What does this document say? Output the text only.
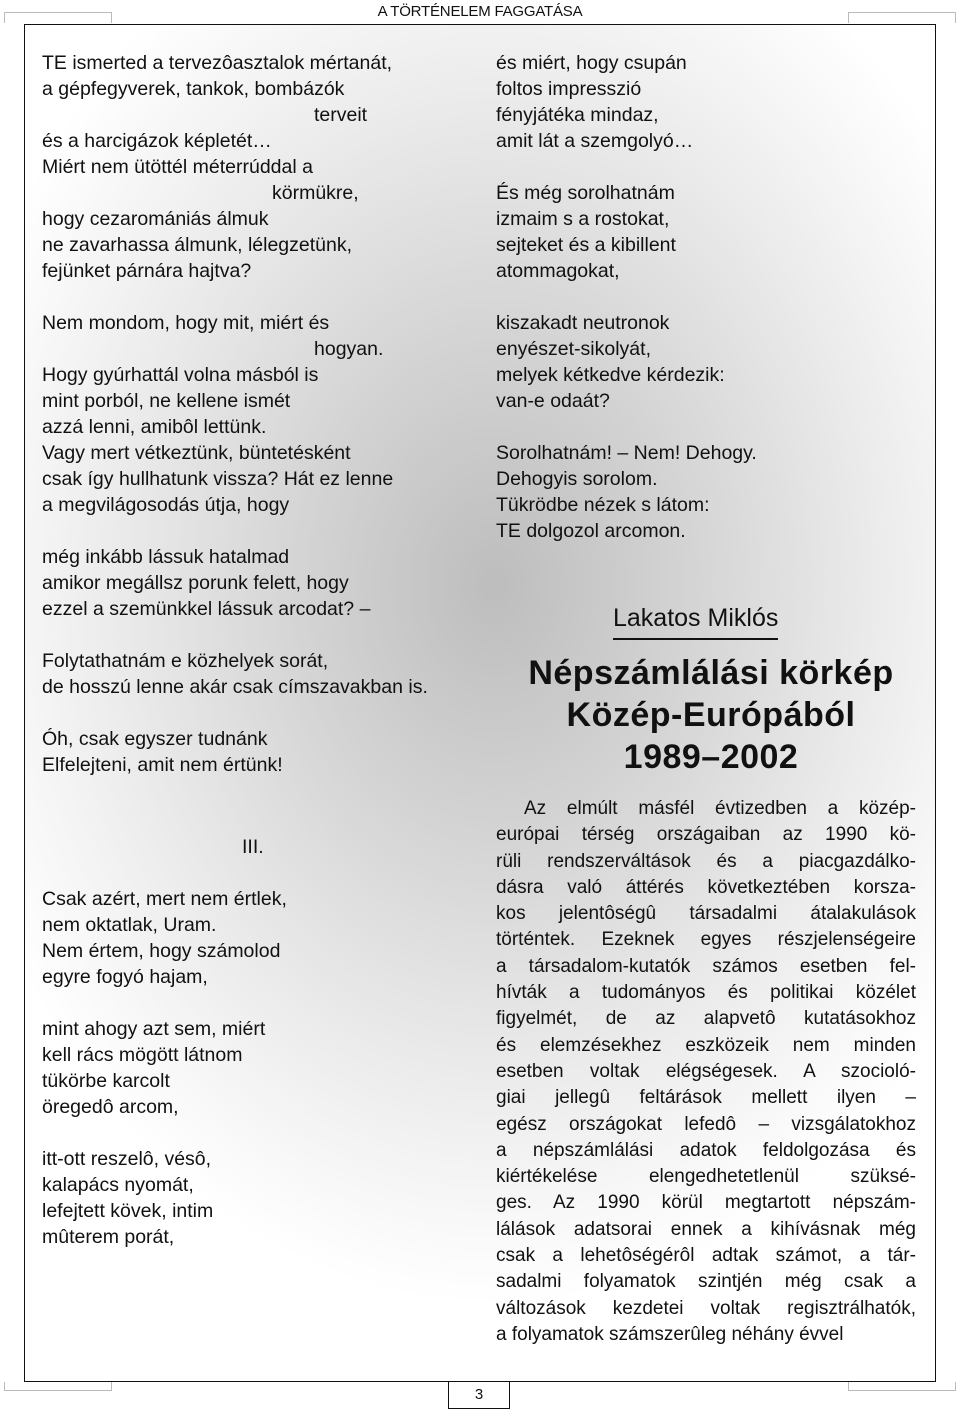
A TÖRTÉNELEM FAGGATÁSA
TE ismerted a tervezôasztalok mértanát,
a gépfegyverek, tankok, bombázók
terveit
és a harcigázok képletét…
Miért nem ütöttél méterrúddal a
körmükre,
hogy cezaromániás álmuk
ne zavarhassa álmunk, lélegzetünk,
fejünket párnára hajtva?
Nem mondom, hogy mit, miért és
hogyan.
Hogy gyúrhattál volna másból is
mint porból, ne kellene ismét
azzá lenni, amibôl lettünk.
Vagy mert vétkeztünk, büntetésként
csak így hullhatunk vissza? Hát ez lenne
a megvilágosodás útja, hogy
még inkább lássuk hatalmad
amikor megállsz porunk felett, hogy
ezzel a szemünkkel lássuk arcodat? –
Folytathatnám e közhelyek sorát,
de hosszú lenne akár csak címszavakban is.
Óh, csak egyszer tudnánk
Elfelejteni, amit nem értünk!
III.
Csak azért, mert nem értlek,
nem oktatlak, Uram.
Nem értem, hogy számolod
egyre fogyó hajam,
mint ahogy azt sem, miért
kell rács mögött látnom
tükörbe karcolt
öregedô arcom,
itt-ott reszelô, vésô,
kalapács nyomát,
lefejtett kövek, intim
mûterem porát,
és miért, hogy csupán
foltos impresszió
fényjátéka mindaz,
amit lát a szemgolyó…
És még sorolhatnám
izmaim s a rostokat,
sejteket és a kibillent
atommagokat,
kiszakadt neutronok
enyészet-sikolyát,
melyek kétkedve kérdezik:
van-e odaát?
Sorolhatnám! – Nem! Dehogy.
Dehogyis sorolom.
Tükrödbe nézek s látom:
TE dolgozol arcomon.
Lakatos Miklós
Népszámlálási körkép
Közép-Európából
1989–2002
Az elmúlt másfél évtizedben a közép-
európai térség országaiban az 1990 kö-
rüli rendszerváltások és a piacgazdálko-
dásra való áttérés következtében korsza-
kos jelentôségû társadalmi átalakulások
történtek. Ezeknek egyes részjelenségeire
a társadalom-kutatók számos esetben fel-
hívták a tudományos és politikai közélet
figyelmét, de az alapvetô kutatásokhoz
és elemzésekhez eszközeik nem minden
esetben voltak elégségesek. A szocioló-
giai jellegû feltárások mellett ilyen –
egész országokat lefedô – vizsgálatokhoz
a népszámlálási adatok feldolgozása és
kiértékelése elengedhetetlenül szüksé-
ges. Az 1990 körül megtartott népszám-
lálások adatsorai ennek a kihívásnak még
csak a lehetôségérôl adtak számot, a tár-
sadalmi folyamatok szintjén még csak a
változások kezdetei voltak regisztrálhatók,
a folyamatok számszerûleg néhány évvel
3
